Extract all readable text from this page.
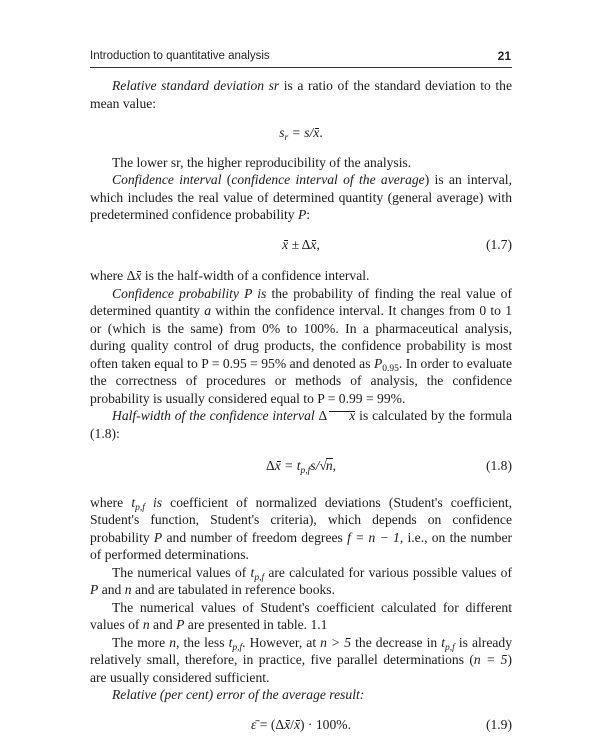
Introduction to quantitative analysis	21

Relative standard deviation sr is a ratio of the standard deviation to the mean value:

$s_r = s/x$.

The lower sr, the higher reproducibility of the analysis.

Confidence interval (confidence interval of the average) is an interval, which includes the real value of determined quantity (general average) with predetermined confidence probability P:

x ± Δx,	(1.7)

where Δx is the half-width of a confidence interval.

Confidence probability P is the probability of finding the real value of determined quantity a within the confidence interval. It changes from 0 to 1 or (which is the same) from 0% to 100%. In a pharmaceutical analysis, during quality control of drug products, the confidence probability is most often taken equal to P = 0.95 = 95% and denoted as $P_{0.95}$. In order to evaluate the correctness of procedures or methods of analysis, the confidence probability is usually considered equal to P = 0.99 = 99%.

Half-width of the confidence interval Δ x is calculated by the formula (1.8):

$\Delta x = t_{p,f}s/√n$,	(1.8)

where $t_{p,f}$ is coefficient of normalized deviations (Student's coefficient, Student's function, Student's criteria), which depends on confidence probability P and number of freedom degrees f = n − 1, i.e., on the number of performed determinations.

The numerical values of $t_{p,f}$ are calculated for various possible values of P and n and are tabulated in reference books.

The numerical values of Student's coefficient calculated for different values of n and P are presented in table. 1.1

The more n, the less $t_{p,f}$. However, at n > 5 the decrease in $t_{p,f}$ is already relatively small, therefore, in practice, five parallel determinations (n = 5) are usually considered sufficient.

Relative (per cent) error of the average result:

ε̄ = (Δx/x) · 100%.	(1.9)
